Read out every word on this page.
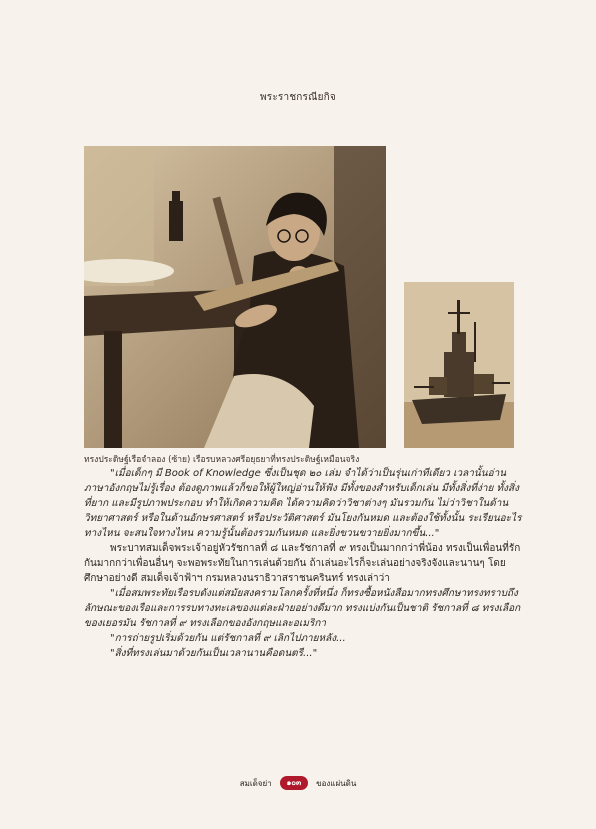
พระราชกรณียกิจ
ทรงประดิษฐ์เรือจำลอง (ซ้าย) เรือรบหลวงศรีอยุธยาที่ทรงประดิษฐ์เหมือนจริง

"เมื่อเด็กๆ มี Book of Knowledge ซึ่งเป็นชุด ๒๐ เล่ม จำได้ว่าเป็นรุ่นเก่าทีเดียว เวลานั้นอ่านภาษาอังกฤษไม่รู้เรื่อง ต้องดูภาพแล้วก็ขอให้ผู้ใหญ่อ่านให้ฟัง มีทั้งของสำหรับเด็กเล่น มีทั้งสิ่งที่ง่าย ทั้งสิ่งที่ยาก และมีรูปภาพประกอบ ทำให้เกิดความคิด ได้ความคิดว่าวิชาต่างๆ มันรวมกัน ไม่ว่าวิชาในด้านวิทยาศาสตร์ หรือในด้านอักษรศาสตร์ หรือประวัติศาสตร์ มันโยงกันหมด และต้องใช้ทั้งนั้น ระเรียนอะไรทางไหน จะสนใจทางไหน ความรู้นั้นต้องรวมกันหมด และยิ่งขวนขวายยิ่งมากขึ้น..."

พระบาทสมเด็จพระเจ้าอยู่หัวรัชกาลที่ ๘ และรัชกาลที่ ๙ ทรงเป็นมากกว่าพี่น้อง ทรงเป็นเพื่อนที่รักกันมากกว่าเพื่อนอื่นๆ จะพอพระทัยในการเล่นด้วยกัน ถ้าเล่นอะไรก็จะเล่นอย่างจริงจังและนานๆ โดยศึกษาอย่างดี สมเด็จเจ้าฟ้าฯ กรมหลวงนราธิวาสราชนครินทร์ ทรงเล่าว่า

"เมื่อสมพระทัยเรือรบดังแต่สมัยสงครามโลกครั้งที่หนึ่ง ก็ทรงซื้อหนังสือมากทรงศึกษาทรงทราบถึงลักษณะของเรือและการรบทางทะเลของแต่ละฝ่ายอย่างดีมาก ทรงแบ่งกันเป็นชาติ รัชกาลที่ ๘ ทรงเลือกของเยอรมัน รัชกาลที่ ๙ ทรงเลือกของอังกฤษและอเมริกา

"การถ่ายรูปเริ่มด้วยกัน แต่รัชกาลที่ ๙ เลิกไปภายหลัง...

"สิ่งที่ทรงเล่นมาด้วยกันเป็นเวลานานคือดนตรี..."

สมเด็จย่า	๑๐๓	ของแผ่นดิน
